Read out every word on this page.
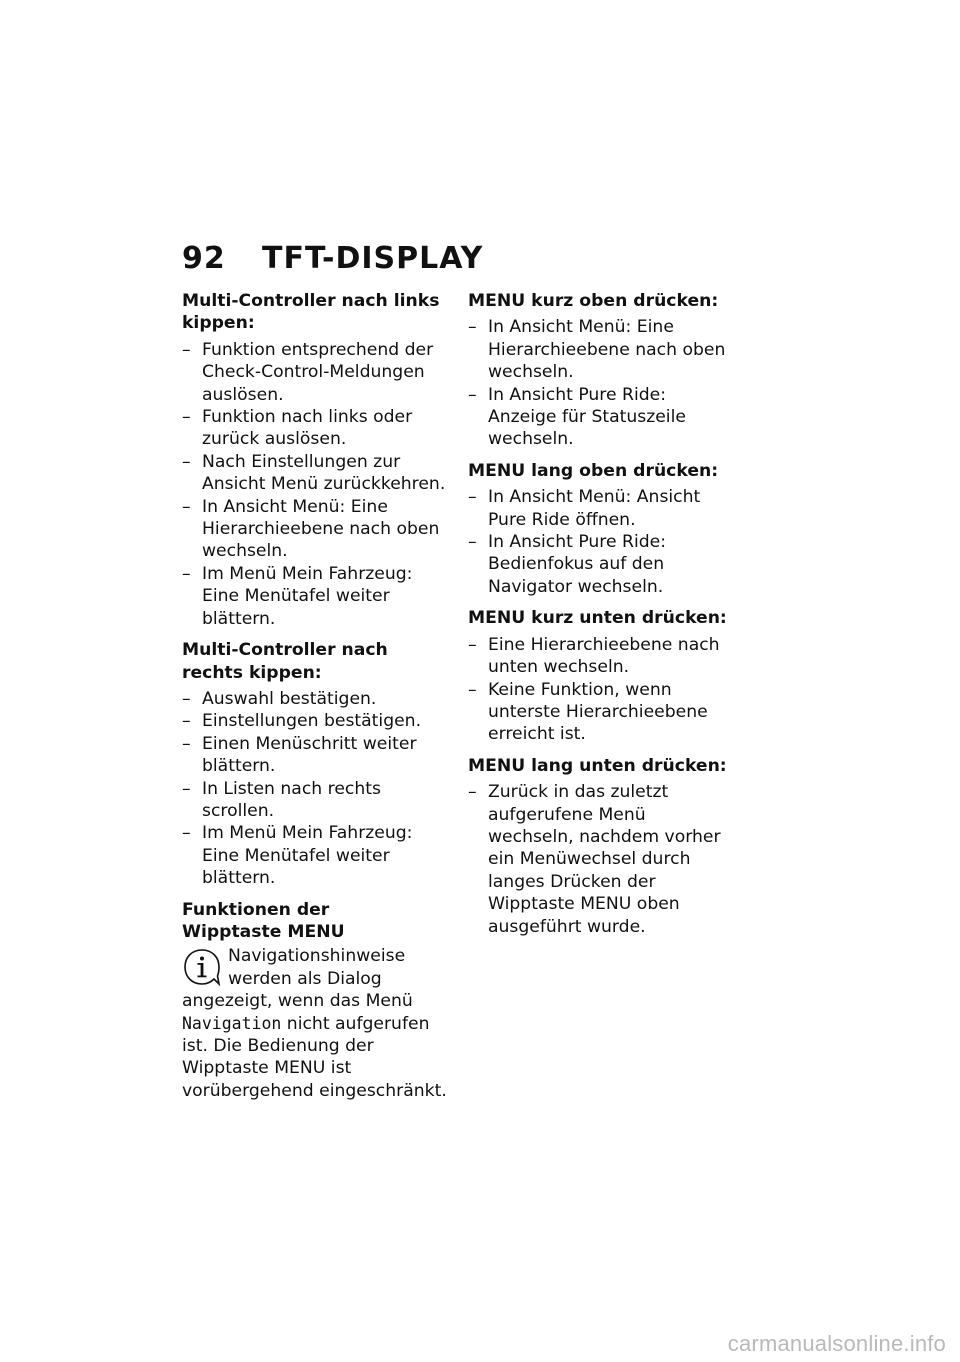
92 TFT-DISPLAY
Multi-Controller nach links kippen:
– Funktion entsprechend der Check-Control-Meldungen auslösen.
– Funktion nach links oder zurück auslösen.
– Nach Einstellungen zur Ansicht Menü zurückkehren.
– In Ansicht Menü: Eine Hierarchieebene nach oben wechseln.
– Im Menü Mein Fahrzeug: Eine Menütafel weiter blättern.
Multi-Controller nach rechts kippen:
– Auswahl bestätigen.
– Einstellungen bestätigen.
– Einen Menüschritt weiter blättern.
– In Listen nach rechts scrollen.
– Im Menü Mein Fahrzeug: Eine Menütafel weiter blättern.
Funktionen der
Wipptaste MENU
Navigationshinweise werden als Dialog angezeigt, wenn das Menü Navigation nicht aufgerufen ist. Die Bedienung der Wipptaste MENU ist vorübergehend eingeschränkt.
MENU kurz oben drücken:
– In Ansicht Menü: Eine Hierarchieebene nach oben wechseln.
– In Ansicht Pure Ride: Anzeige für Statuszeile wechseln.
MENU lang oben drücken:
– In Ansicht Menü: Ansicht Pure Ride öffnen.
– In Ansicht Pure Ride: Bedienfokus auf den Navigator wechseln.
MENU kurz unten drücken:
– Eine Hierarchieebene nach unten wechseln.
– Keine Funktion, wenn unterste Hierarchieebene erreicht ist.
MENU lang unten drücken:
– Zurück in das zuletzt aufgerufene Menü wechseln, nachdem vorher ein Menüwechsel durch langes Drücken der Wipptaste MENU oben ausgeführt wurde.
carmanualsonline.info
